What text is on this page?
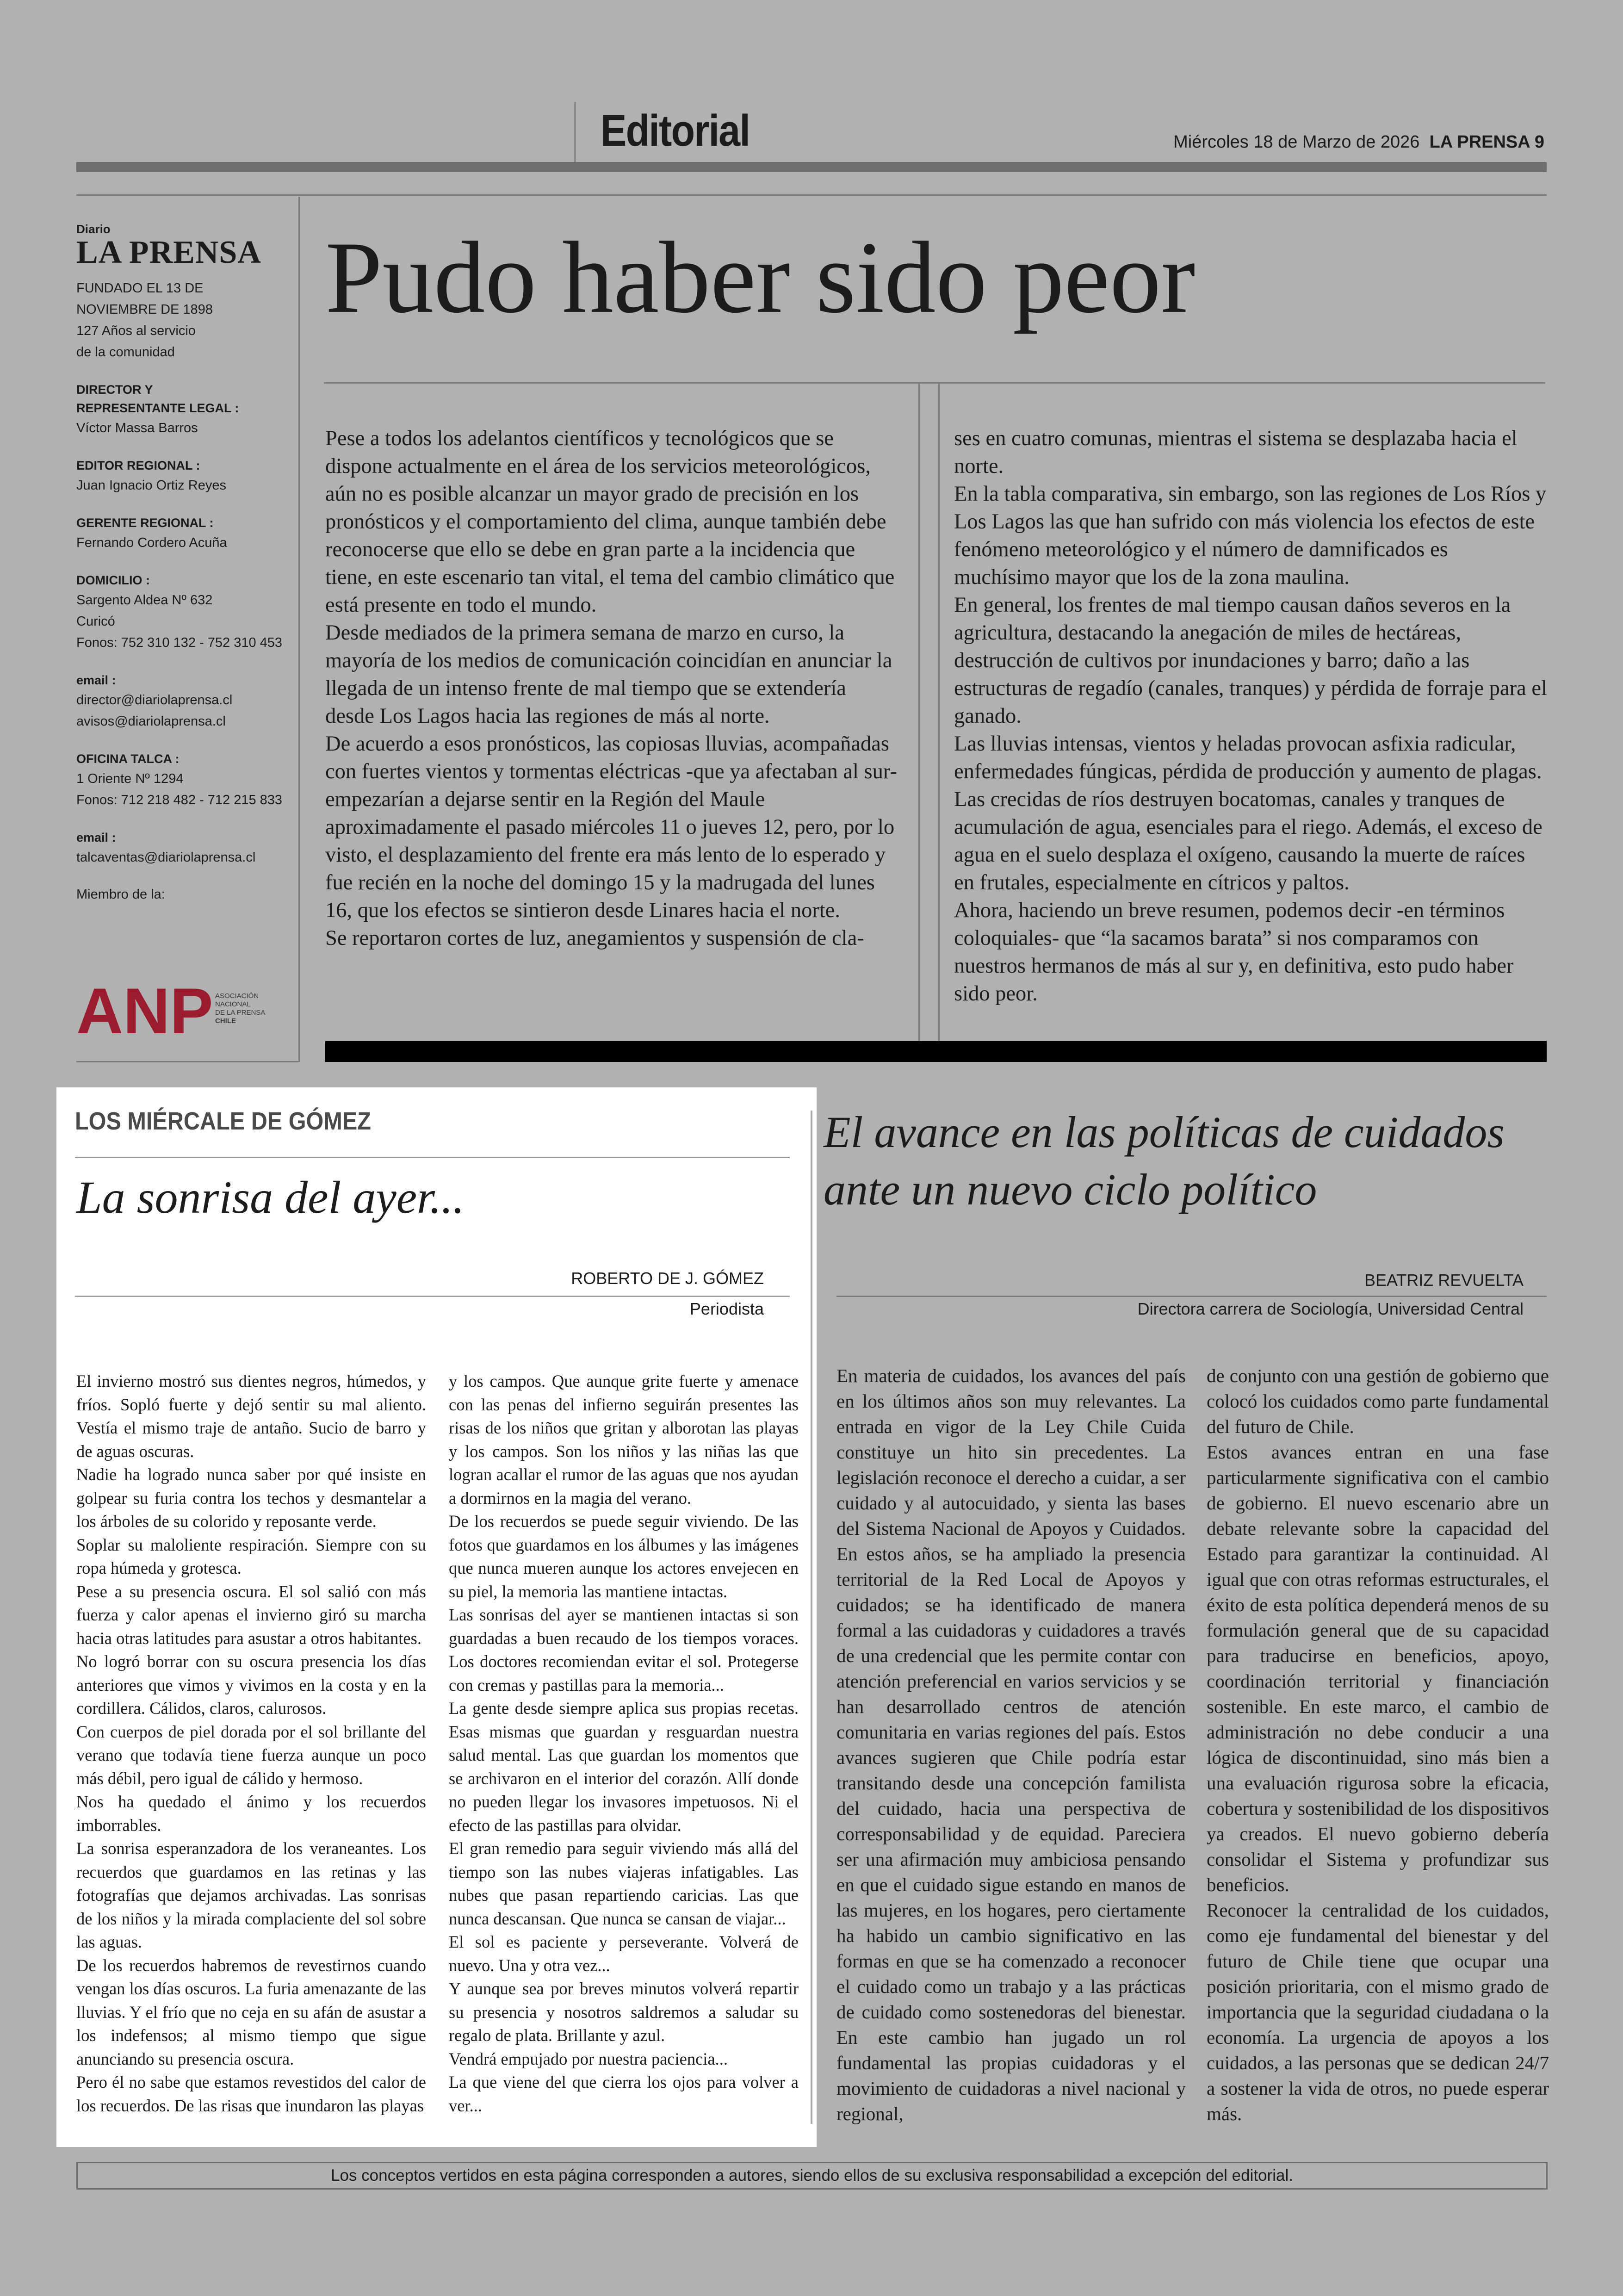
Editorial	Miércoles 18 de Marzo de 2026 LA PRENSA 9
Diario
LA PRENSA
FUNDADO EL 13 DE
NOVIEMBRE DE 1898
127 Años al servicio
de la comunidad
DIRECTOR Y
REPRESENTANTE LEGAL :
Víctor Massa Barros
EDITOR REGIONAL :
Juan Ignacio Ortiz Reyes
GERENTE REGIONAL :
Fernando Cordero Acuña
DOMICILIO :
Sargento Aldea Nº 632
Curicó
Fonos: 752 310 132 - 752 310 453
email :
director@diariolaprensa.cl
avisos@diariolaprensa.cl
OFICINA TALCA :
1 Oriente Nº 1294
Fonos: 712 218 482 - 712 215 833
email :
talcaventas@diariolaprensa.cl
Miembro de la:
ANP ASOCIACIÓN
NACIONAL
DE LA PRENSA
CHILE
Pudo haber sido peor

Pese a todos los adelantos científicos y tecnológicos que se dispone actualmente en el área de los servicios meteorológicos, aún no es posible alcanzar un mayor grado de precisión en los pronósticos y el comportamiento del clima, aunque también debe reconocerse que ello se debe en gran parte a la incidencia que tiene, en este escenario tan vital, el tema del cambio climático que está presente en todo el mundo.

Desde mediados de la primera semana de marzo en curso, la mayoría de los medios de comunicación coincidían en anunciar la llegada de un intenso frente de mal tiempo que se extendería desde Los Lagos hacia las regiones de más al norte.

De acuerdo a esos pronósticos, las copiosas lluvias, acompañadas con fuertes vientos y tormentas eléctricas -que ya afectaban al sur- empezarían a dejarse sentir en la Región del Maule aproximadamente el pasado miércoles 11 o jueves 12, pero, por lo visto, el desplazamiento del frente era más lento de lo esperado y fue recién en la noche del domingo 15 y la madrugada del lunes 16, que los efectos se sintieron desde Linares hacia el norte.

Se reportaron cortes de luz, anegamientos y suspensión de cla-

ses en cuatro comunas, mientras el sistema se desplazaba hacia el norte.

En la tabla comparativa, sin embargo, son las regiones de Los Ríos y Los Lagos las que han sufrido con más violencia los efectos de este fenómeno meteorológico y el número de damnificados es muchísimo mayor que los de la zona maulina.

En general, los frentes de mal tiempo causan daños severos en la agricultura, destacando la anegación de miles de hectáreas, destrucción de cultivos por inundaciones y barro; daño a las estructuras de regadío (canales, tranques) y pérdida de forraje para el ganado.

Las lluvias intensas, vientos y heladas provocan asfixia radicular, enfermedades fúngicas, pérdida de producción y aumento de plagas.

Las crecidas de ríos destruyen bocatomas, canales y tranques de acumulación de agua, esenciales para el riego. Además, el exceso de agua en el suelo desplaza el oxígeno, causando la muerte de raíces en frutales, especialmente en cítricos y paltos.

Ahora, haciendo un breve resumen, podemos decir -en términos coloquiales- que “la sacamos barata” si nos comparamos con nuestros hermanos de más al sur y, en definitiva, esto pudo haber sido peor.

LOS MIÉRCALE DE GÓMEZ
La sonrisa del ayer...
ROBERTO DE J. GÓMEZ
Periodista

El invierno mostró sus dientes negros, húmedos, y fríos. Sopló fuerte y dejó sentir su mal aliento. Vestía el mismo traje de antaño. Sucio de barro y de aguas oscuras.

Nadie ha logrado nunca saber por qué insiste en golpear su furia contra los techos y desmantelar a los árboles de su colorido y reposante verde.

Soplar su maloliente respiración. Siempre con su ropa húmeda y grotesca.

Pese a su presencia oscura. El sol salió con más fuerza y calor apenas el invierno giró su marcha hacia otras latitudes para asustar a otros habitantes.

No logró borrar con su oscura presencia los días anteriores que vimos y vivimos en la costa y en la cordillera. Cálidos, claros, calurosos.

Con cuerpos de piel dorada por el sol brillante del verano que todavía tiene fuerza aunque un poco más débil, pero igual de cálido y hermoso.

Nos ha quedado el ánimo y los recuerdos imborrables.

La sonrisa esperanzadora de los veraneantes. Los recuerdos que guardamos en las retinas y las fotografías que dejamos archivadas. Las sonrisas de los niños y la mirada complaciente del sol sobre las aguas.

De los recuerdos habremos de revestirnos cuando vengan los días oscuros. La furia amenazante de las lluvias. Y el frío que no ceja en su afán de asustar a los indefensos; al mismo tiempo que sigue anunciando su presencia oscura.

Pero él no sabe que estamos revestidos del calor de los recuerdos. De las risas que inundaron las playas

y los campos. Que aunque grite fuerte y amenace con las penas del infierno seguirán presentes las risas de los niños que gritan y alborotan las playas y los campos. Son los niños y las niñas las que logran acallar el rumor de las aguas que nos ayudan a dormirnos en la magia del verano.

De los recuerdos se puede seguir viviendo. De las fotos que guardamos en los álbumes y las imágenes que nunca mueren aunque los actores envejecen en su piel, la memoria las mantiene intactas.

Las sonrisas del ayer se mantienen intactas si son guardadas a buen recaudo de los tiempos voraces. Los doctores recomiendan evitar el sol. Protegerse con cremas y pastillas para la memoria...

La gente desde siempre aplica sus propias recetas. Esas mismas que guardan y resguardan nuestra salud mental. Las que guardan los momentos que se archivaron en el interior del corazón. Allí donde no pueden llegar los invasores impetuosos. Ni el efecto de las pastillas para olvidar.

El gran remedio para seguir viviendo más allá del tiempo son las nubes viajeras infatigables. Las nubes que pasan repartiendo caricias. Las que nunca descansan. Que nunca se cansan de viajar...

El sol es paciente y perseverante. Volverá de nuevo. Una y otra vez...

Y aunque sea por breves minutos volverá repartir su presencia y nosotros saldremos a saludar su regalo de plata. Brillante y azul.

Vendrá empujado por nuestra paciencia...

La que viene del que cierra los ojos para volver a ver...

El avance en las políticas de cuidados ante un nuevo ciclo político
BEATRIZ REVUELTA
Directora carrera de Sociología, Universidad Central

En materia de cuidados, los avances del país en los últimos años son muy relevantes. La entrada en vigor de la Ley Chile Cuida constituye un hito sin precedentes. La legislación reconoce el derecho a cuidar, a ser cuidado y al autocuidado, y sienta las bases del Sistema Nacional de Apoyos y Cuidados. En estos años, se ha ampliado la presencia territorial de la Red Local de Apoyos y cuidados; se ha identificado de manera formal a las cuidadoras y cuidadores a través de una credencial que les permite contar con atención preferencial en varios servicios y se han desarrollado centros de atención comunitaria en varias regiones del país. Estos avances sugieren que Chile podría estar transitando desde una concepción familista del cuidado, hacia una perspectiva de corresponsabilidad y de equidad. Pareciera ser una afirmación muy ambiciosa pensando en que el cuidado sigue estando en manos de las mujeres, en los hogares, pero ciertamente ha habido un cambio significativo en las formas en que se ha comenzado a reconocer el cuidado como un trabajo y a las prácticas de cuidado como sostenedoras del bienestar. En este cambio han jugado un rol fundamental las propias cuidadoras y el movimiento de cuidadoras a nivel nacional y regional,

de conjunto con una gestión de gobierno que colocó los cuidados como parte fundamental del futuro de Chile.

Estos avances entran en una fase particularmente significativa con el cambio de gobierno. El nuevo escenario abre un debate relevante sobre la capacidad del Estado para garantizar la continuidad. Al igual que con otras reformas estructurales, el éxito de esta política dependerá menos de su formulación general que de su capacidad para traducirse en beneficios, apoyo, coordinación territorial y financiación sostenible. En este marco, el cambio de administración no debe conducir a una lógica de discontinuidad, sino más bien a una evaluación rigurosa sobre la eficacia, cobertura y sostenibilidad de los dispositivos ya creados. El nuevo gobierno debería consolidar el Sistema y profundizar sus beneficios.

Reconocer la centralidad de los cuidados, como eje fundamental del bienestar y del futuro de Chile tiene que ocupar una posición prioritaria, con el mismo grado de importancia que la seguridad ciudadana o la economía. La urgencia de apoyos a los cuidados, a las personas que se dedican 24/7 a sostener la vida de otros, no puede esperar más.

Los conceptos vertidos en esta página corresponden a autores, siendo ellos de su exclusiva responsabilidad a excepción del editorial.
